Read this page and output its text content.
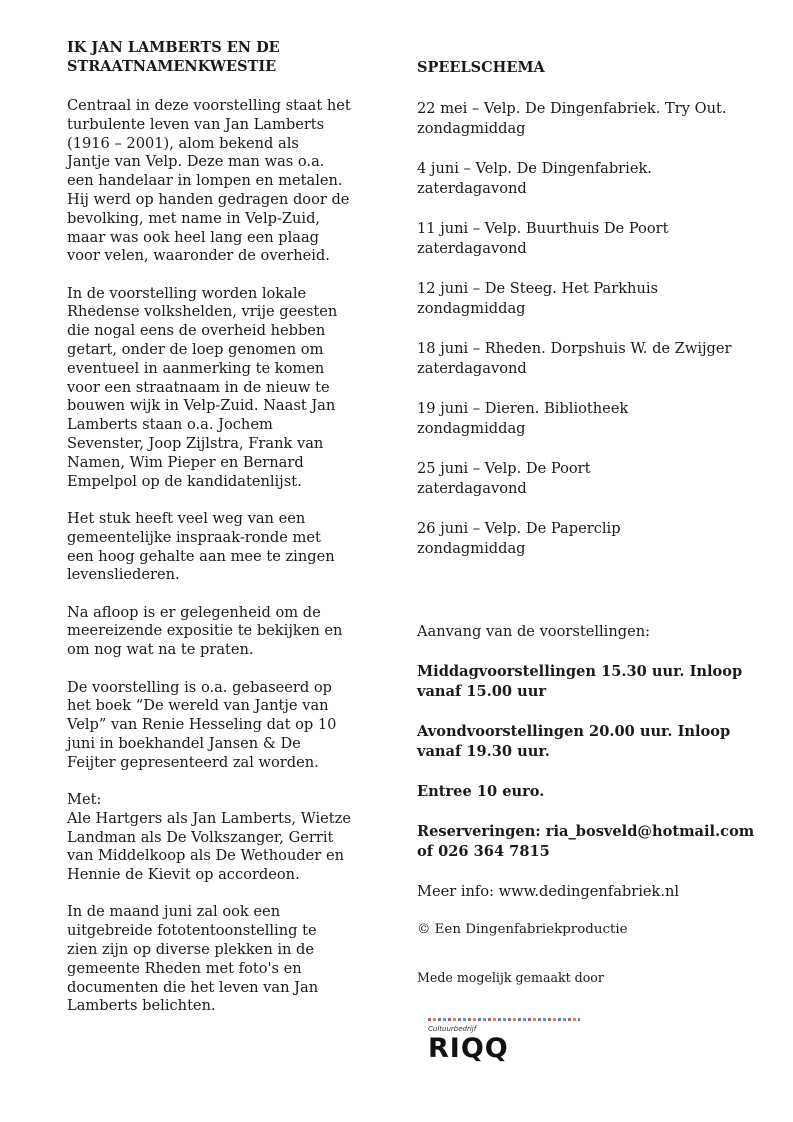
IK JAN LAMBERTS EN DE
STRAATNAMENKWESTIE

Centraal in deze voorstelling staat het
turbulente leven van Jan Lamberts
(1916 – 2001), alom bekend als
Jantje van Velp. Deze man was o.a.
een handelaar in lompen en metalen.
Hij werd op handen gedragen door de
bevolking, met name in Velp-Zuid,
maar was ook heel lang een plaag
voor velen, waaronder de overheid.

In de voorstelling worden lokale
Rhedense volkshelden, vrije geesten
die nogal eens de overheid hebben
getart, onder de loep genomen om
eventueel in aanmerking te komen
voor een straatnaam in de nieuw te
bouwen wijk in Velp-Zuid. Naast Jan
Lamberts staan o.a. Jochem
Sevenster, Joop Zijlstra, Frank van
Namen, Wim Pieper en Bernard
Empelpol op de kandidatenlijst.

Het stuk heeft veel weg van een
gemeentelijke inspraak-ronde met
een hoog gehalte aan mee te zingen
levensliederen.

Na afloop is er gelegenheid om de
meereizende expositie te bekijken en
om nog wat na te praten.

De voorstelling is o.a. gebaseerd op
het boek “De wereld van Jantje van
Velp” van Renie Hesseling dat op 10
juni in boekhandel Jansen & De
Feijter gepresenteerd zal worden.

Met:
Ale Hartgers als Jan Lamberts, Wietze
Landman als De Volkszanger, Gerrit
van Middelkoop als De Wethouder en
Hennie de Kievit op accordeon.

In de maand juni zal ook een
uitgebreide fototentoonstelling te
zien zijn op diverse plekken in de
gemeente Rheden met foto's en
documenten die het leven van Jan
Lamberts belichten.

SPEELSCHEMA

22 mei – Velp. De Dingenfabriek. Try Out.
zondagmiddag

4 juni – Velp. De Dingenfabriek.
zaterdagavond

11 juni – Velp. Buurthuis De Poort
zaterdagavond

12 juni – De Steeg. Het Parkhuis
zondagmiddag

18 juni – Rheden. Dorpshuis W. de Zwijger
zaterdagavond

19 juni – Dieren. Bibliotheek
zondagmiddag

25 juni – Velp. De Poort
zaterdagavond

26 juni – Velp. De Paperclip
zondagmiddag

Aanvang van de voorstellingen:

Middagvoorstellingen 15.30 uur. Inloop
vanaf 15.00 uur

Avondvoorstellingen 20.00 uur. Inloop
vanaf 19.30 uur.

Entree 10 euro.

Reserveringen: ria_bosveld@hotmail.com
of 026 364 7815

Meer info: www.dedingenfabriek.nl

© Een Dingenfabriekproductie

Mede mogelijk gemaakt door

Cultuurbedrijf

RIQQ
